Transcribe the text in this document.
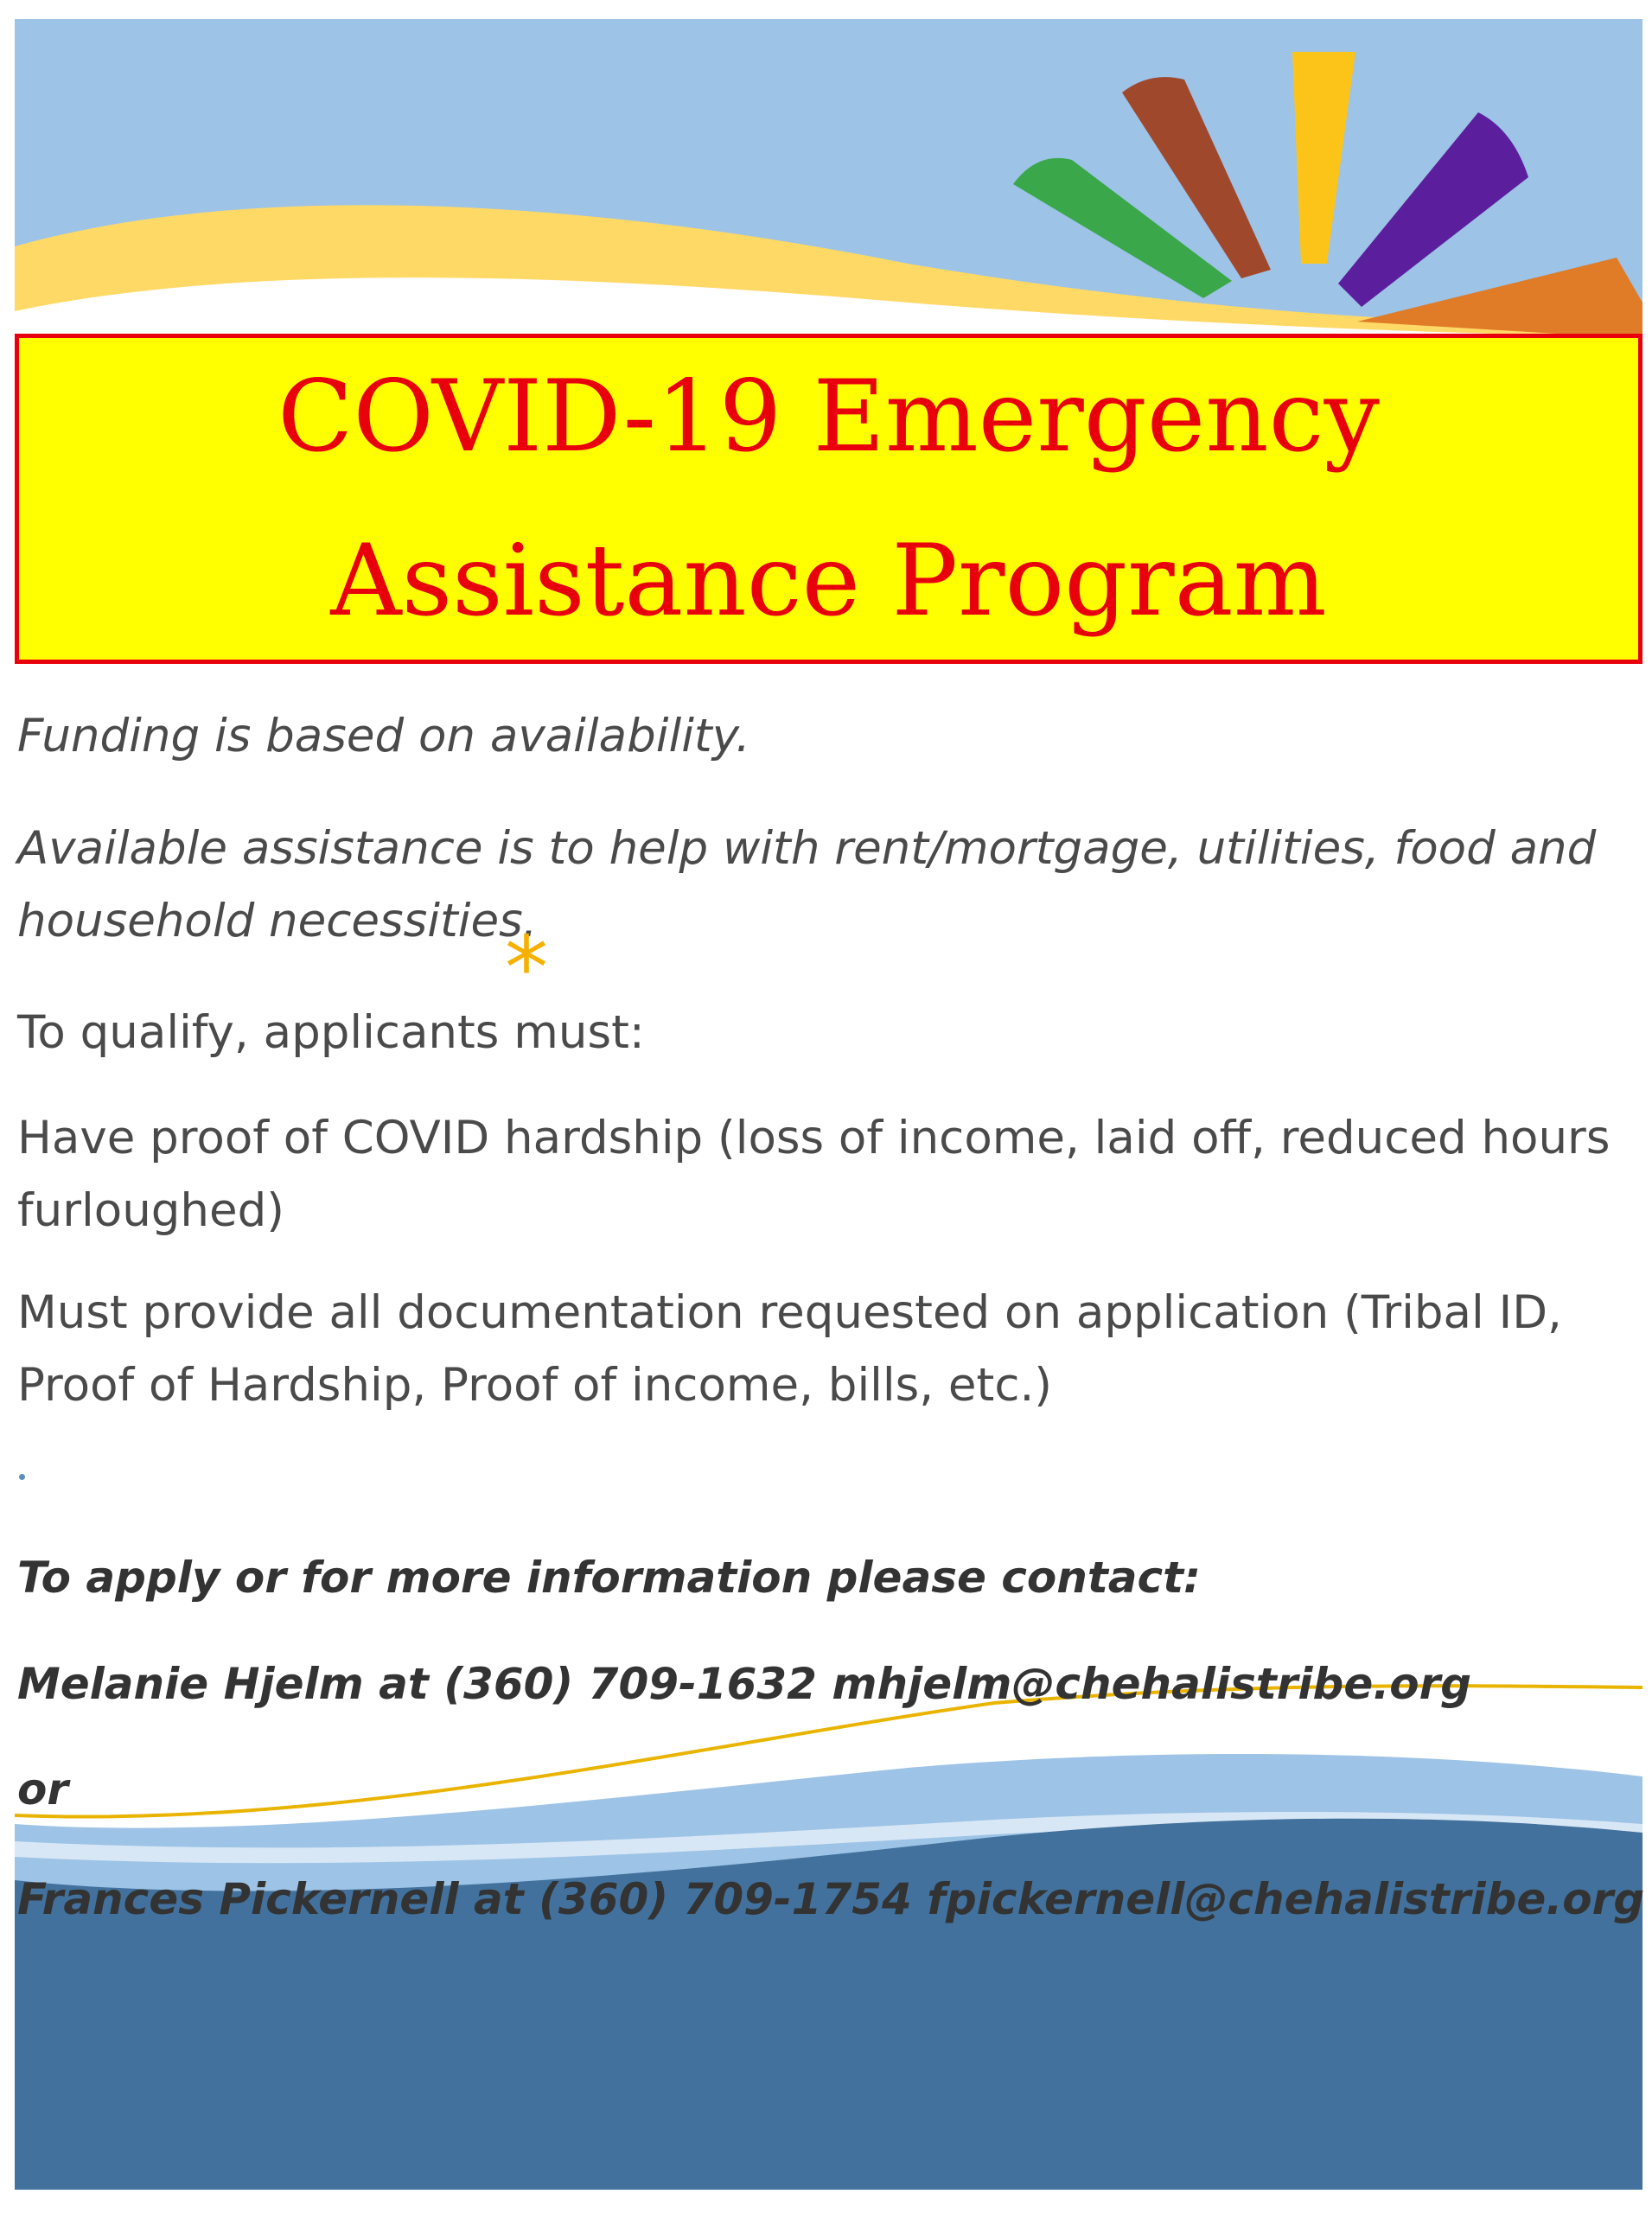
COVID-19 Emergency
Assistance Program

Funding is based on availability.

Available assistance is to help with rent/mortgage, utilities, food and household necessities.

*

To qualify, applicants must:

Have proof of COVID hardship (loss of income, laid off, reduced hours furloughed)

Must provide all documentation requested on application (Tribal ID, Proof of Hardship, Proof of income, bills, etc.)

To apply or for more information please contact:

Melanie Hjelm at (360) 709-1632 mhjelm@chehalistribe.org

or

Frances Pickernell at (360) 709-1754 fpickernell@chehalistribe.org
